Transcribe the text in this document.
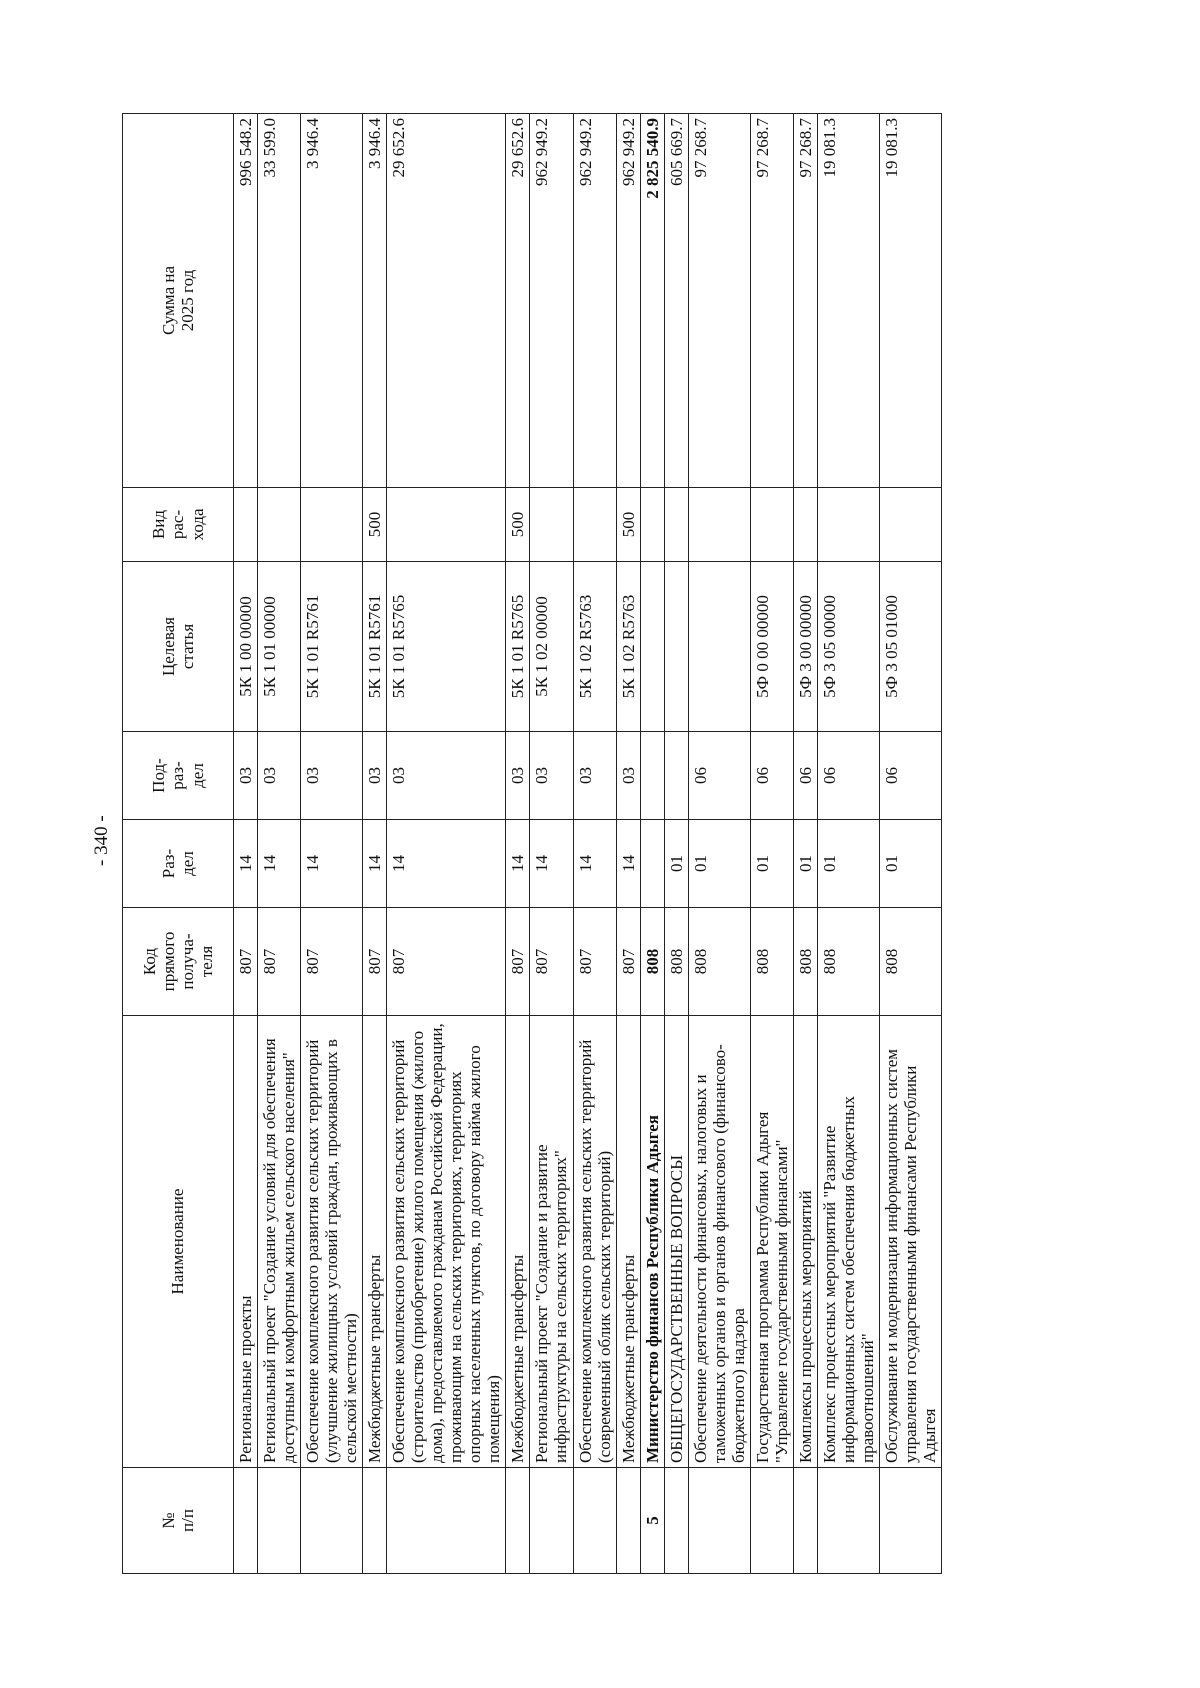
- 340 -
№ п/п	Наименование	Код прямого получа- теля	Раз- дел	Под- раз- дел	Целевая статья	Вид рас- хода	Сумма на 2025 год

	Региональные проекты	807	14	03	5К 1 00 00000		996 548.2
	Региональный проект "Создание условий для обеспечения доступным и комфортным жильем сельского населения"	807	14	03	5К 1 01 00000		33 599.0
	Обеспечение комплексного развития сельских территорий (улучшение жилищных условий граждан, проживающих в сельской местности)	807	14	03	5К 1 01 R5761		3 946.4
	Межбюджетные трансферты	807	14	03	5К 1 01 R5761	500	3 946.4
	Обеспечение комплексного развития сельских территорий (строительство (приобретение) жилого помещения (жилого дома), предоставляемого гражданам Российской Федерации, проживающим на сельских территориях, территориях опорных населенных пунктов, по договору найма жилого помещения)	807	14	03	5К 1 01 R5765		29 652.6
	Межбюджетные трансферты	807	14	03	5К 1 01 R5765	500	29 652.6
	Региональный проект "Создание и развитие инфраструктуры на сельских территориях"	807	14	03	5К 1 02 00000		962 949.2
	Обеспечение комплексного развития сельских территорий (современный облик сельских территорий)	807	14	03	5К 1 02 R5763		962 949.2
	Межбюджетные трансферты	807	14	03	5К 1 02 R5763	500	962 949.2
5	Министерство финансов Республики Адыгея	808					2 825 540.9
	ОБЩЕГОСУДАРСТВЕННЫЕ ВОПРОСЫ	808	01				605 669.7
	Обеспечение деятельности финансовых, налоговых и таможенных органов и органов финансового (финансово-бюджетного) надзора	808	01	06			97 268.7
	Государственная программа Республики Адыгея "Управление государственными финансами"	808	01	06	5Ф 0 00 00000		97 268.7
	Комплексы процессных мероприятий	808	01	06	5Ф 3 00 00000		97 268.7
	Комплекс процессных мероприятий "Развитие информационных систем обеспечения бюджетных правоотношений"	808	01	06	5Ф 3 05 00000		19 081.3
	Обслуживание и модернизация информационных систем управления государственными финансами Республики Адыгея	808	01	06	5Ф 3 05 01000		19 081.3
